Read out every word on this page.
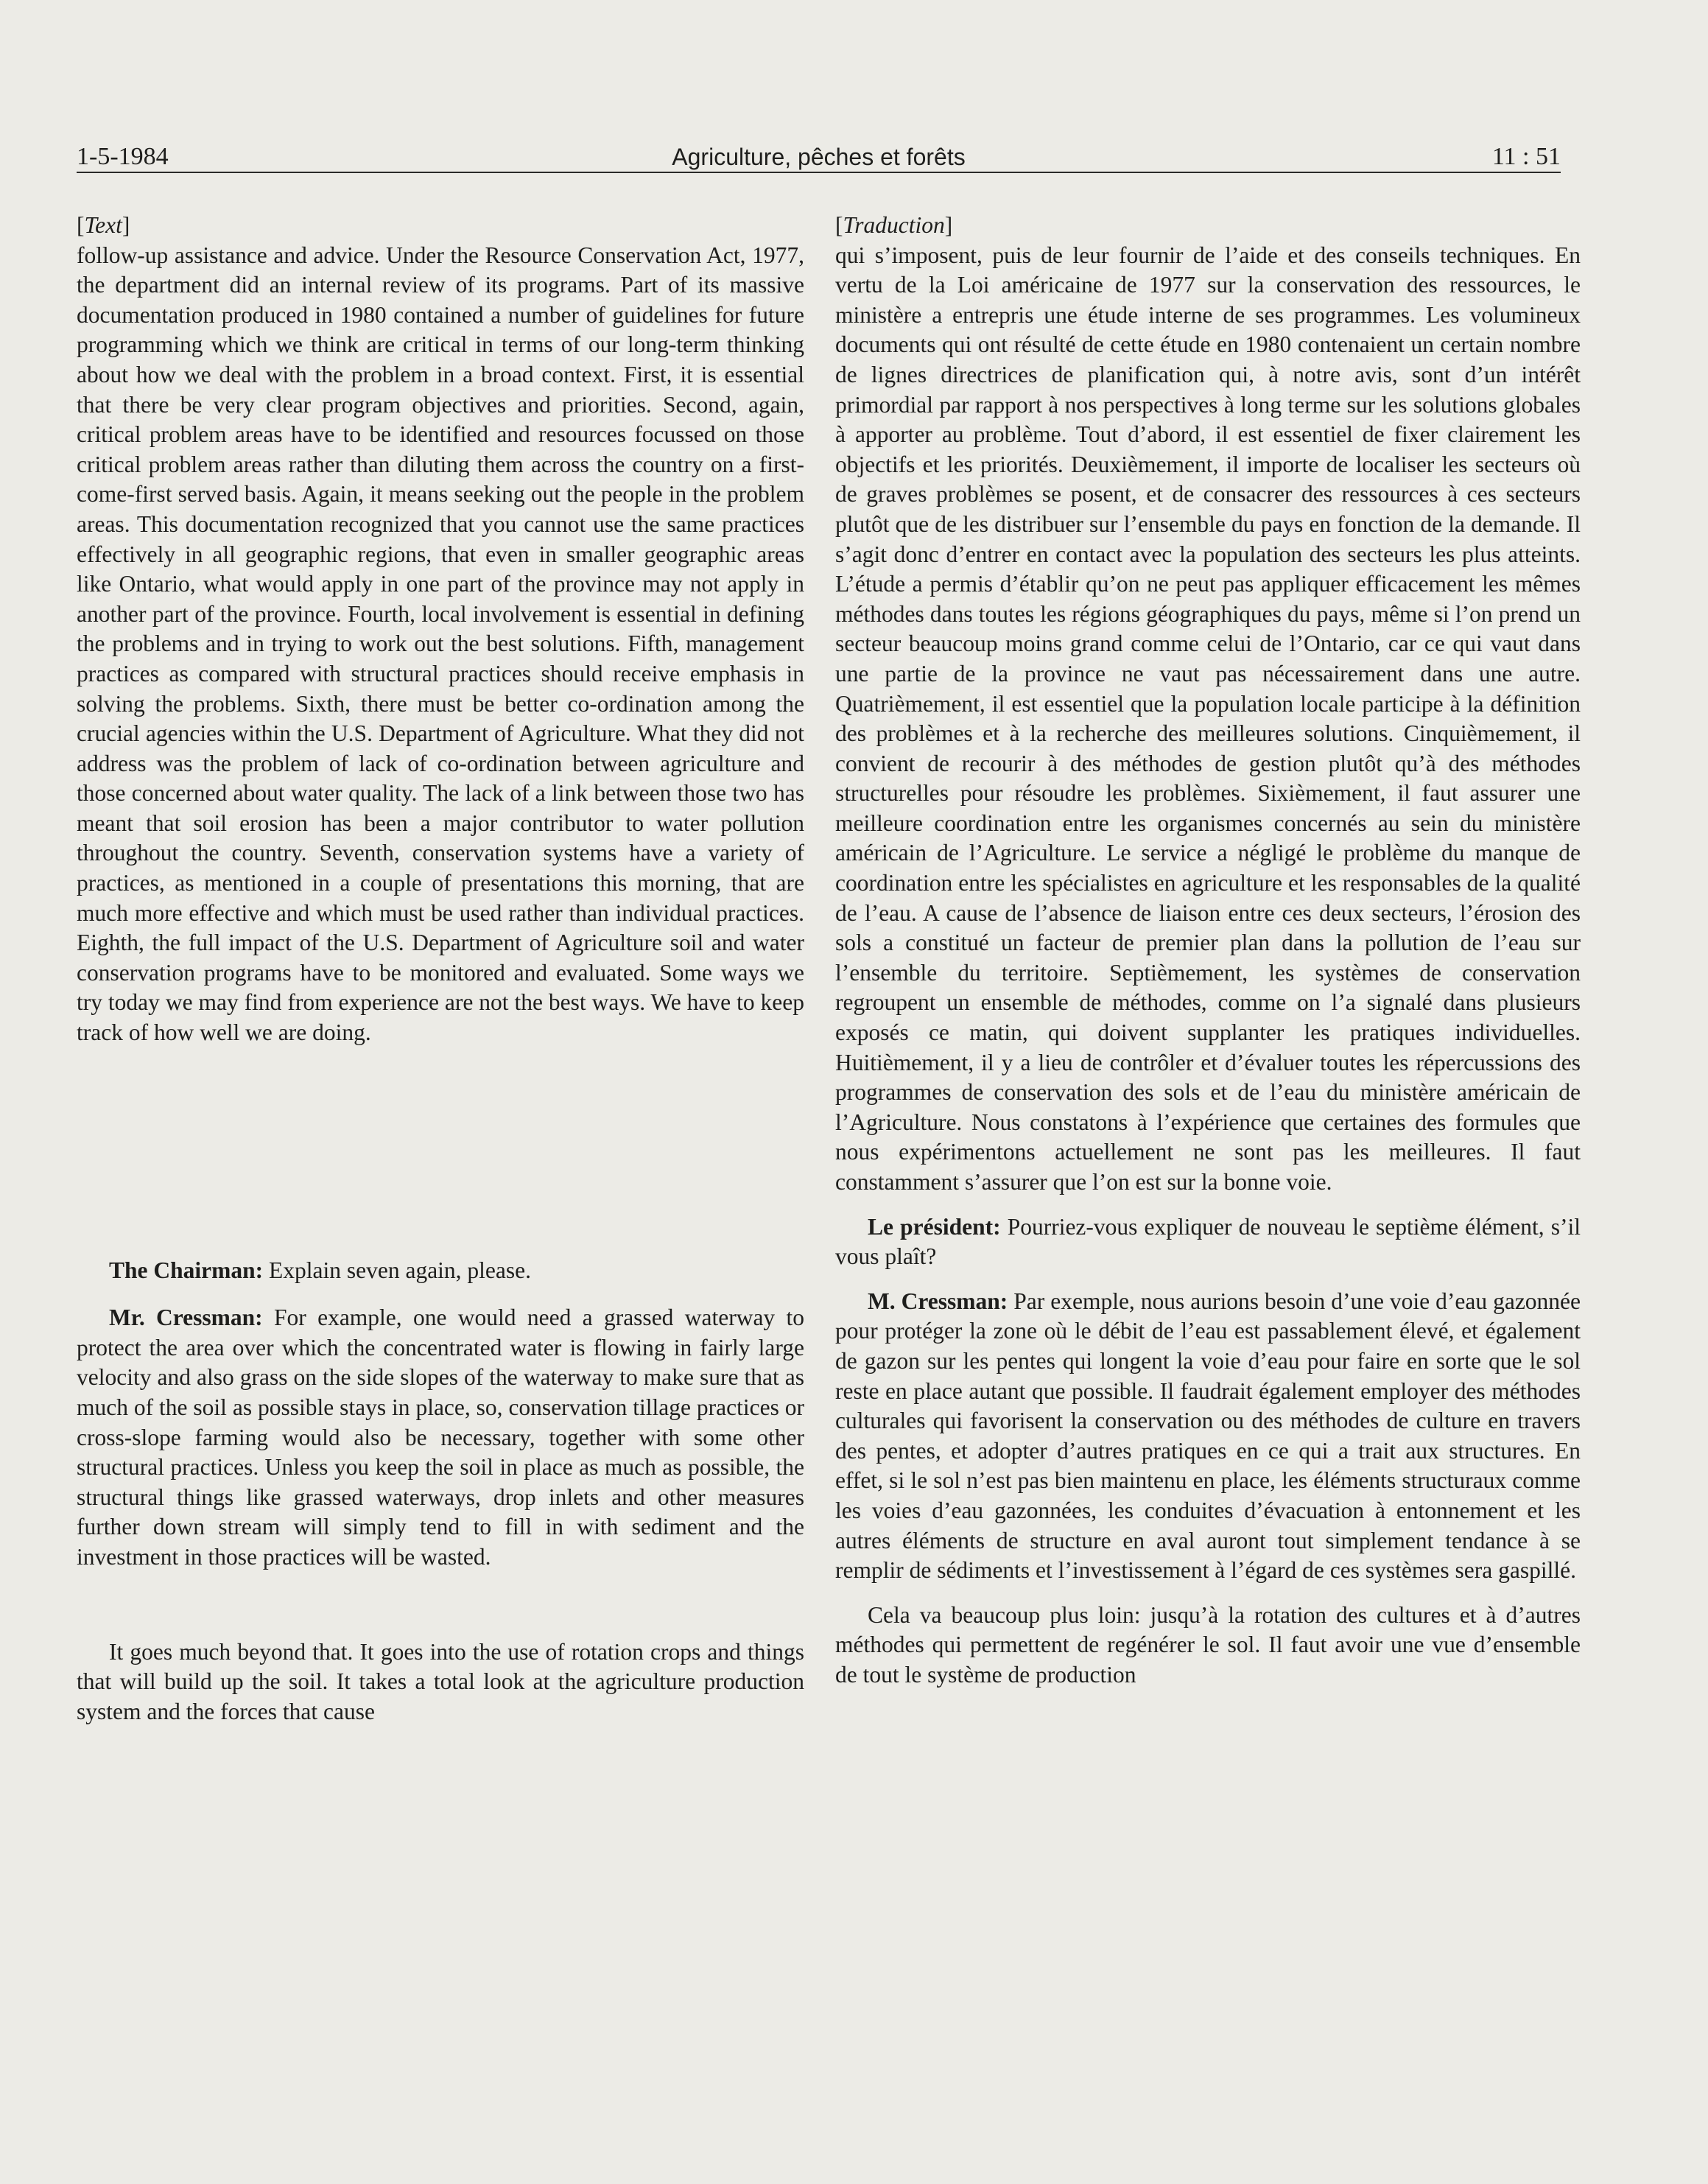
1-5-1984	Agriculture, pêches et forêts	11 : 51

[Text]

follow-up assistance and advice. Under the Resource Conservation Act, 1977, the department did an internal review of its programs. Part of its massive documentation produced in 1980 contained a number of guidelines for future programming which we think are critical in terms of our long-term thinking about how we deal with the problem in a broad context. First, it is essential that there be very clear program objectives and priorities. Second, again, critical problem areas have to be identified and resources focussed on those critical problem areas rather than diluting them across the country on a first-come-first served basis. Again, it means seeking out the people in the problem areas. This documentation recognized that you cannot use the same practices effectively in all geographic regions, that even in smaller geographic areas like Ontario, what would apply in one part of the province may not apply in another part of the province. Fourth, local involvement is essential in defining the problems and in trying to work out the best solutions. Fifth, management practices as compared with structural practices should receive emphasis in solving the problems. Sixth, there must be better co-ordination among the crucial agencies within the U.S. Department of Agriculture. What they did not address was the problem of lack of co-ordination between agriculture and those concerned about water quality. The lack of a link between those two has meant that soil erosion has been a major contributor to water pollution throughout the country. Seventh, conservation systems have a variety of practices, as mentioned in a couple of presentations this morning, that are much more effective and which must be used rather than individual practices. Eighth, the full impact of the U.S. Department of Agriculture soil and water conservation programs have to be monitored and evaluated. Some ways we try today we may find from experience are not the best ways. We have to keep track of how well we are doing.

The Chairman: Explain seven again, please.

Mr. Cressman: For example, one would need a grassed waterway to protect the area over which the concentrated water is flowing in fairly large velocity and also grass on the side slopes of the waterway to make sure that as much of the soil as possible stays in place, so, conservation tillage practices or cross-slope farming would also be necessary, together with some other structural practices. Unless you keep the soil in place as much as possible, the structural things like grassed waterways, drop inlets and other measures further down stream will simply tend to fill in with sediment and the investment in those practices will be wasted.

It goes much beyond that. It goes into the use of rotation crops and things that will build up the soil. It takes a total look at the agriculture production system and the forces that cause

[Traduction]

qui s’imposent, puis de leur fournir de l’aide et des conseils techniques. En vertu de la Loi américaine de 1977 sur la conservation des ressources, le ministère a entrepris une étude interne de ses programmes. Les volumineux documents qui ont résulté de cette étude en 1980 contenaient un certain nombre de lignes directrices de planification qui, à notre avis, sont d’un intérêt primordial par rapport à nos perspectives à long terme sur les solutions globales à apporter au problème. Tout d’abord, il est essentiel de fixer clairement les objectifs et les priorités. Deuxièmement, il importe de localiser les secteurs où de graves problèmes se posent, et de consacrer des ressources à ces secteurs plutôt que de les distribuer sur l’ensemble du pays en fonction de la demande. Il s’agit donc d’entrer en contact avec la population des secteurs les plus atteints. L’étude a permis d’établir qu’on ne peut pas appliquer efficacement les mêmes méthodes dans toutes les régions géographiques du pays, même si l’on prend un secteur beaucoup moins grand comme celui de l’Ontario, car ce qui vaut dans une partie de la province ne vaut pas nécessairement dans une autre. Quatrièmement, il est essentiel que la population locale participe à la définition des problèmes et à la recherche des meilleures solutions. Cinquièmement, il convient de recourir à des méthodes de gestion plutôt qu’à des méthodes structurelles pour résoudre les problèmes. Sixièmement, il faut assurer une meilleure coordination entre les organismes concernés au sein du ministère américain de l’Agriculture. Le service a négligé le problème du manque de coordination entre les spécialistes en agriculture et les responsables de la qualité de l’eau. A cause de l’absence de liaison entre ces deux secteurs, l’érosion des sols a constitué un facteur de premier plan dans la pollution de l’eau sur l’ensemble du territoire. Septièmement, les systèmes de conservation regroupent un ensemble de méthodes, comme on l’a signalé dans plusieurs exposés ce matin, qui doivent supplanter les pratiques individuelles. Huitièmement, il y a lieu de contrôler et d’évaluer toutes les répercussions des programmes de conservation des sols et de l’eau du ministère américain de l’Agriculture. Nous constatons à l’expérience que certaines des formules que nous expérimentons actuellement ne sont pas les meilleures. Il faut constamment s’assurer que l’on est sur la bonne voie.

Le président: Pourriez-vous expliquer de nouveau le septième élément, s’il vous plaît?

M. Cressman: Par exemple, nous aurions besoin d’une voie d’eau gazonnée pour protéger la zone où le débit de l’eau est passablement élevé, et également de gazon sur les pentes qui longent la voie d’eau pour faire en sorte que le sol reste en place autant que possible. Il faudrait également employer des méthodes culturales qui favorisent la conservation ou des méthodes de culture en travers des pentes, et adopter d’autres pratiques en ce qui a trait aux structures. En effet, si le sol n’est pas bien maintenu en place, les éléments structuraux comme les voies d’eau gazonnées, les conduites d’évacuation à entonnement et les autres éléments de structure en aval auront tout simplement tendance à se remplir de sédiments et l’investissement à l’égard de ces systèmes sera gaspillé.

Cela va beaucoup plus loin: jusqu’à la rotation des cultures et à d’autres méthodes qui permettent de regénérer le sol. Il faut avoir une vue d’ensemble de tout le système de production
